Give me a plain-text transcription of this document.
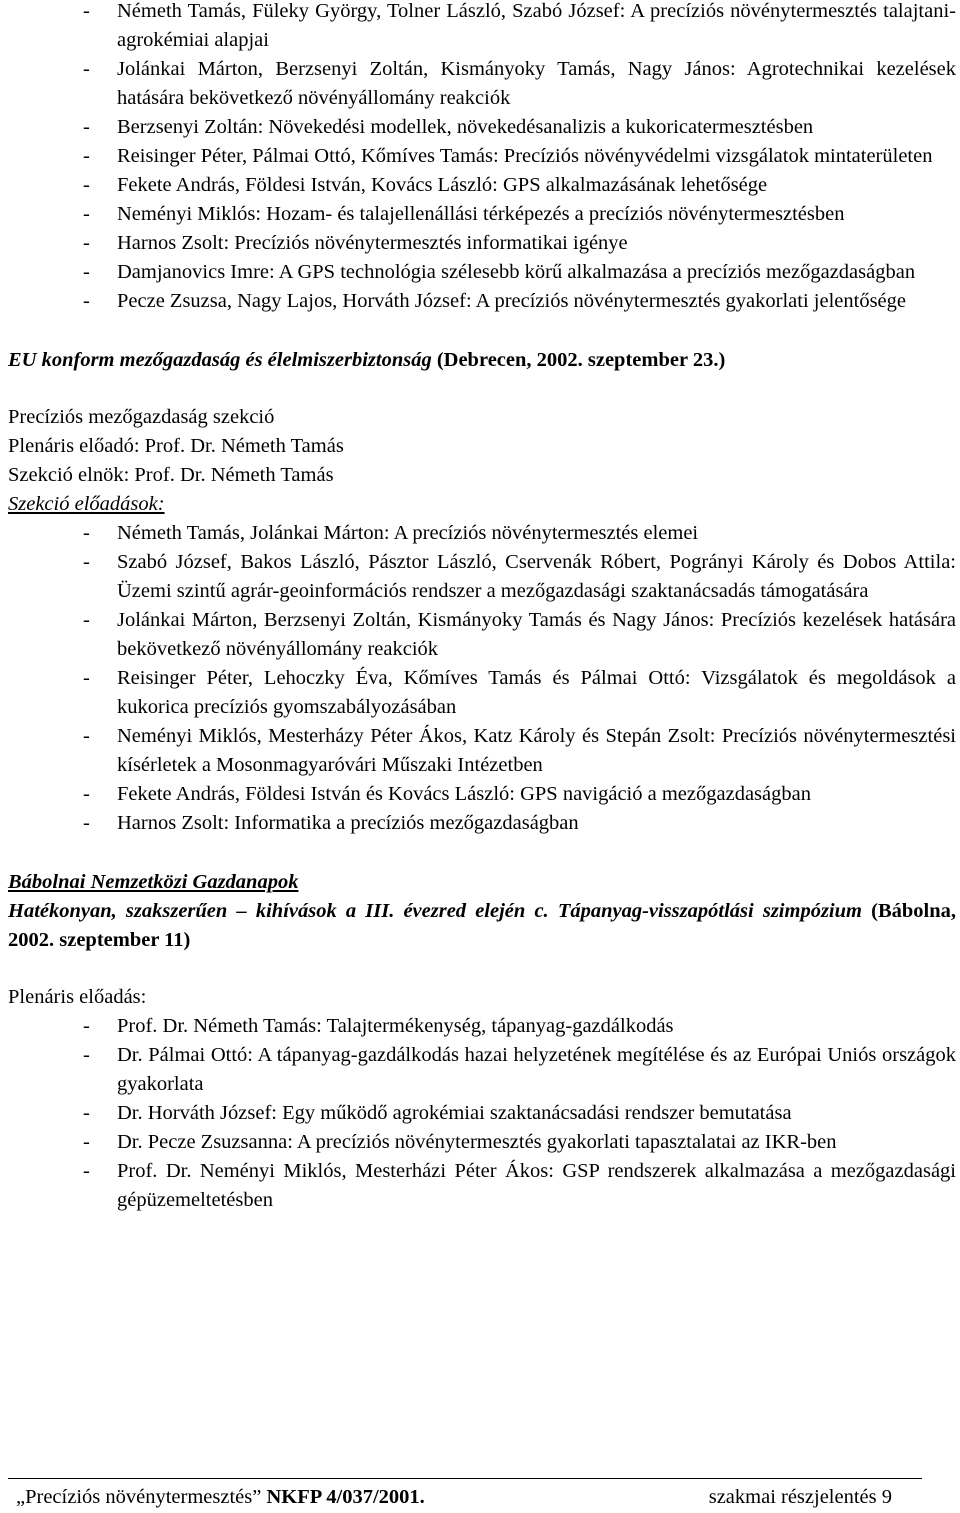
- Németh Tamás, Füleky György, Tolner László, Szabó József: A precíziós növénytermesztés talajtani-agrokémiai alapjai
- Jolánkai Márton, Berzsenyi Zoltán, Kismányoky Tamás, Nagy János: Agrotechnikai kezelések hatására bekövetkező növényállomány reakciók
- Berzsenyi Zoltán: Növekedési modellek, növekedésanalizis a kukoricatermesztésben
- Reisinger Péter, Pálmai Ottó, Kőmíves Tamás: Precíziós növényvédelmi vizsgálatok mintaterületen
- Fekete András, Földesi István, Kovács László: GPS alkalmazásának lehetősége
- Neményi Miklós: Hozam- és talajellenállási térképezés a precíziós növénytermesztésben
- Harnos Zsolt: Precíziós növénytermesztés informatikai igénye
- Damjanovics Imre: A GPS technológia szélesebb körű alkalmazása a precíziós mezőgazdaságban
- Pecze Zsuzsa, Nagy Lajos, Horváth József: A precíziós növénytermesztés gyakorlati jelentősége
EU konform mezőgazdaság és élelmiszerbiztonság (Debrecen, 2002. szeptember 23.)
Precíziós mezőgazdaság szekció
Plenáris előadó: Prof. Dr. Németh Tamás
Szekció elnök: Prof. Dr. Németh Tamás
Szekció előadások:
- Németh Tamás, Jolánkai Márton: A precíziós növénytermesztés elemei
- Szabó József, Bakos László, Pásztor László, Cservenák Róbert, Pogrányi Károly és Dobos Attila: Üzemi szintű agrár-geoinformációs rendszer a mezőgazdasági szaktanácsadás támogatására
- Jolánkai Márton, Berzsenyi Zoltán, Kismányoky Tamás és Nagy János: Precíziós kezelések hatására bekövetkező növényállomány reakciók
- Reisinger Péter, Lehoczky Éva, Kőmíves Tamás és Pálmai Ottó: Vizsgálatok és megoldások a kukorica precíziós gyomszabályozásában
- Neményi Miklós, Mesterházy Péter Ákos, Katz Károly és Stepán Zsolt: Precíziós növénytermesztési kísérletek a Mosonmagyaróvári Műszaki Intézetben
- Fekete András, Földesi István és Kovács László: GPS navigáció a mezőgazdaságban
- Harnos Zsolt: Informatika a precíziós mezőgazdaságban
Bábolnai Nemzetközi Gazdanapok
Hatékonyan, szakszerűen – kihívások a III. évezred elején c. Tápanyag-visszapótlási szimpózium (Bábolna, 2002. szeptember 11)
Plenáris előadás:
- Prof. Dr. Németh Tamás: Talajtermékenység, tápanyag-gazdálkodás
- Dr. Pálmai Ottó: A tápanyag-gazdálkodás hazai helyzetének megítélése és az Európai Uniós országok gyakorlata
- Dr. Horváth József: Egy működő agrokémiai szaktanácsadási rendszer bemutatása
- Dr. Pecze Zsuzsanna: A precíziós növénytermesztés gyakorlati tapasztalatai az IKR-ben
- Prof. Dr. Neményi Miklós, Mesterházi Péter Ákos: GSP rendszerek alkalmazása a mezőgazdasági gépüzemeltetésben
„Precíziós növénytermesztés” NKFP 4/037/2001.	szakmai részjelentés 9
